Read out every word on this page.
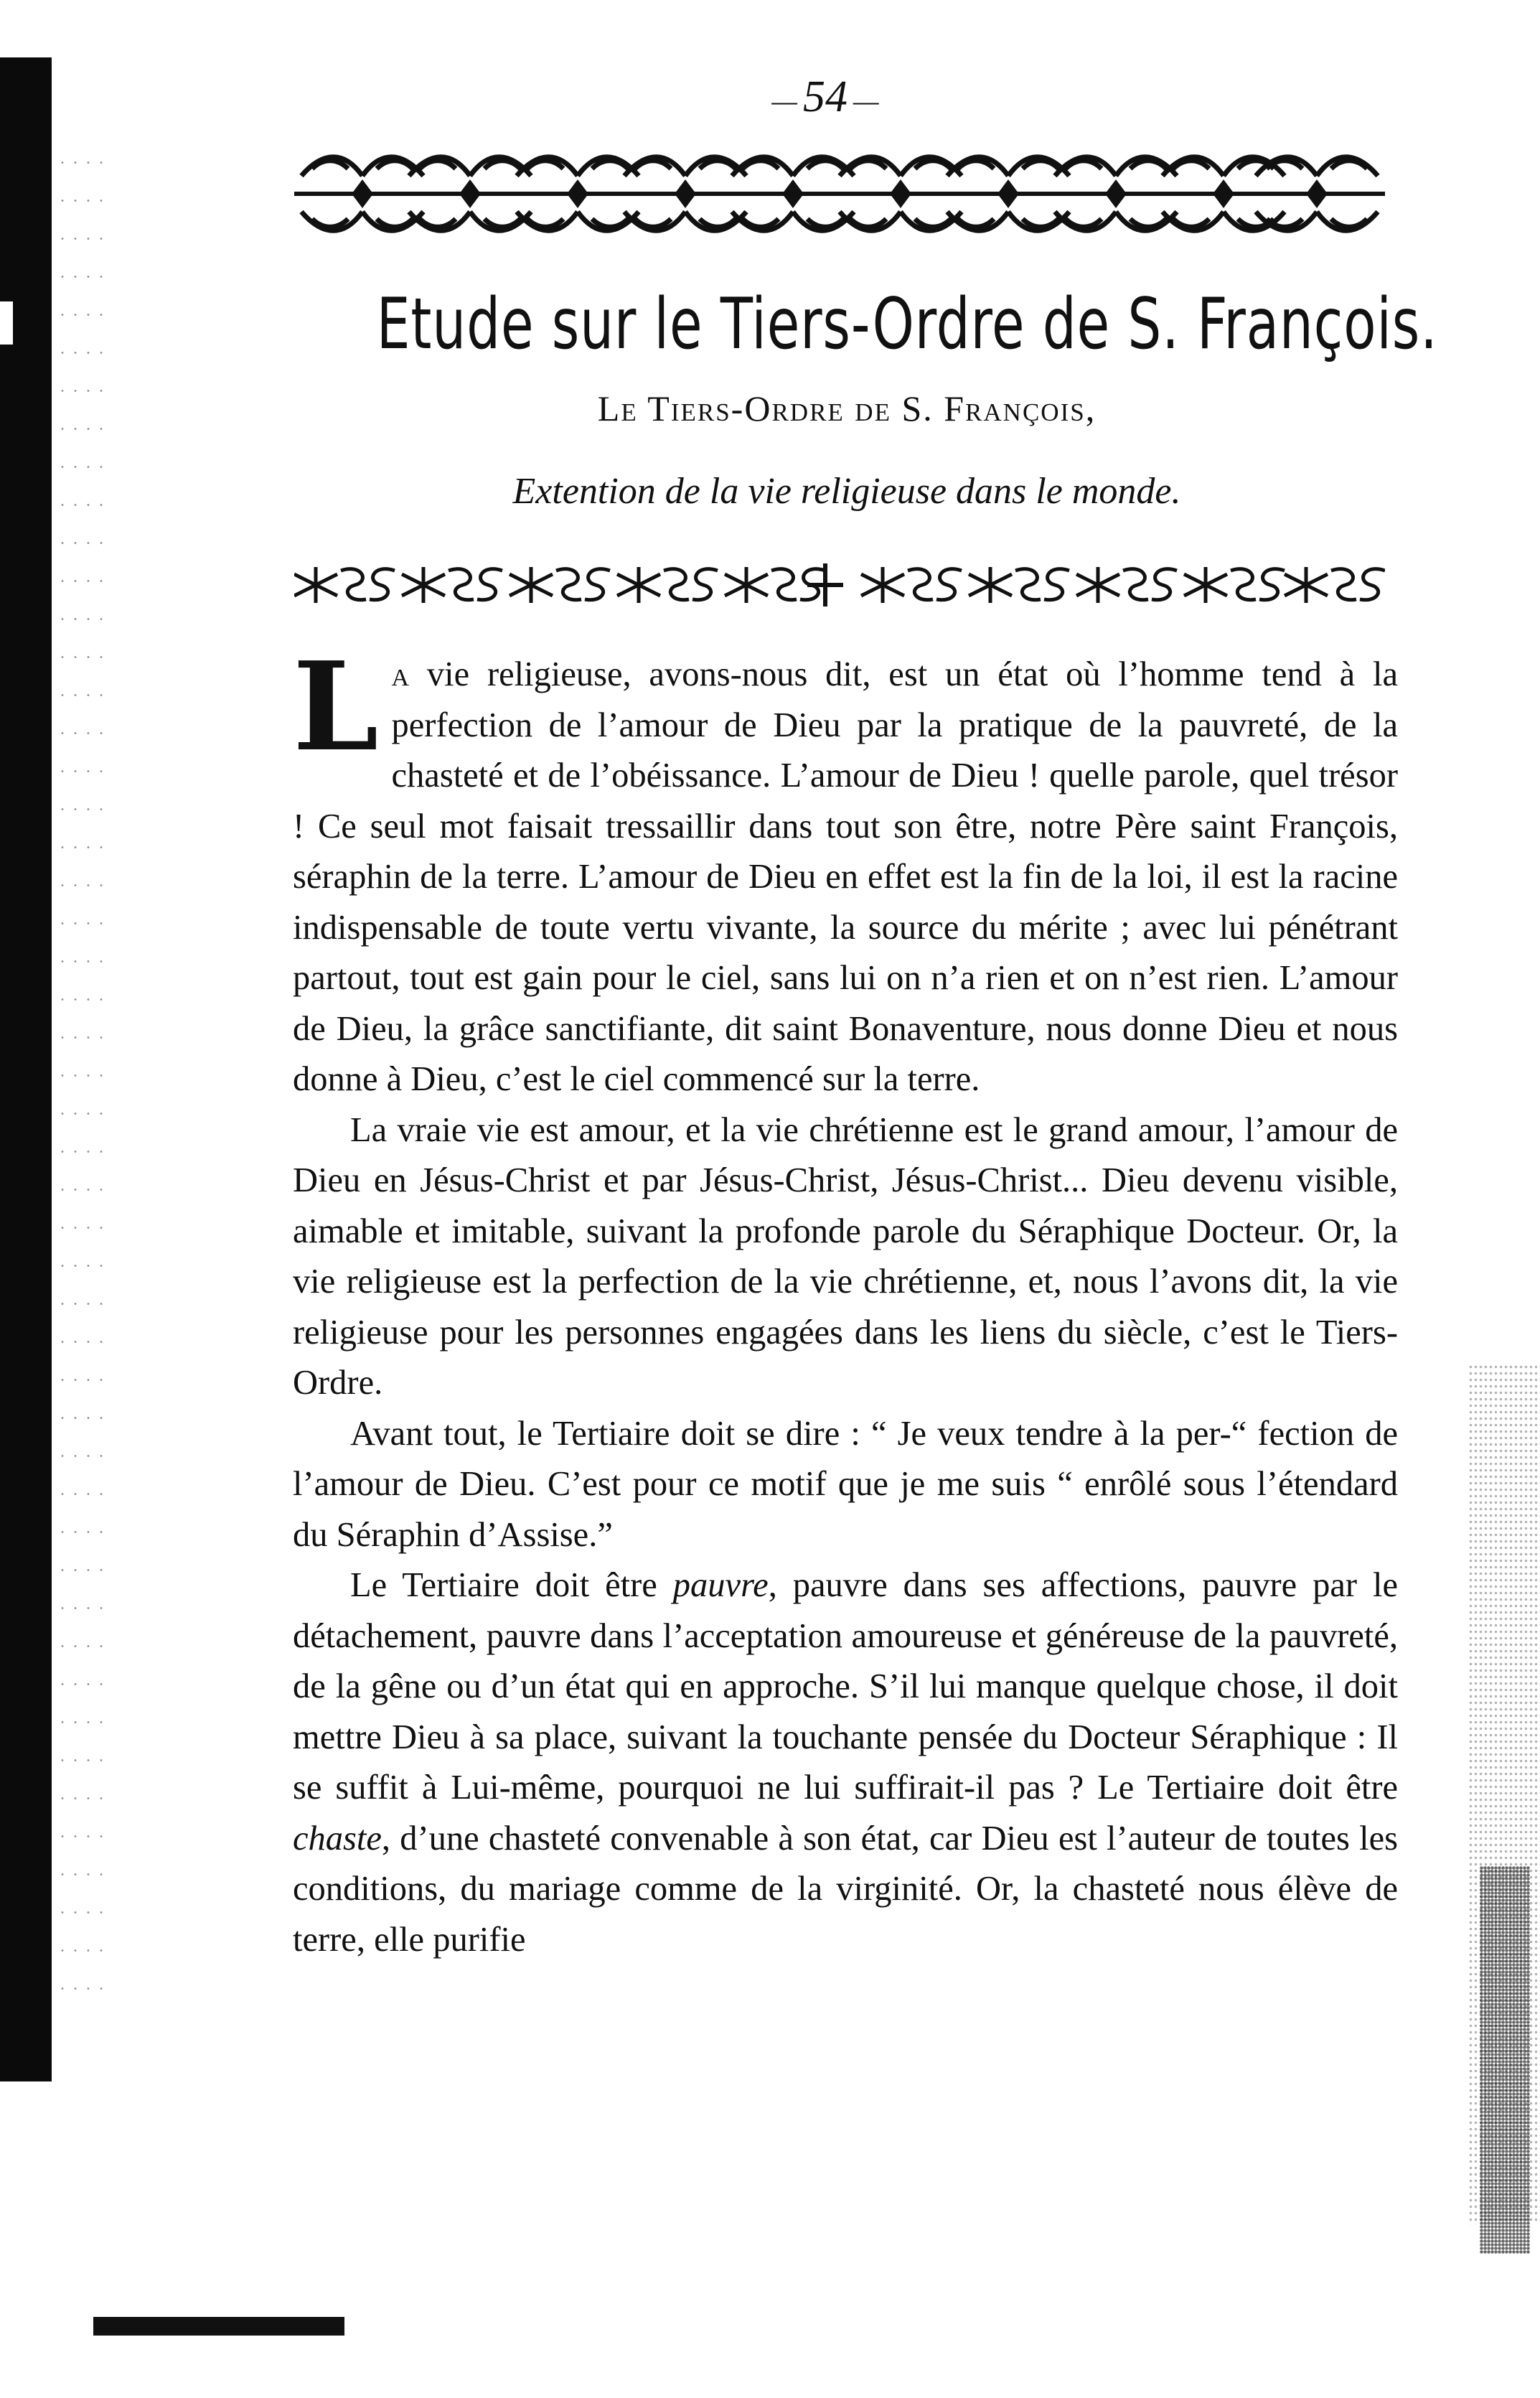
— 54 —
Etude sur le Tiers-Ordre de S. François.
Le Tiers-Ordre de S. François,
Extention de la vie religieuse dans le monde.

La vie religieuse, avons-nous dit, est un état où l’homme tend à la perfection de l’amour de Dieu par la pratique de la pauvreté, de la chasteté et de l’obéissance. L’amour de Dieu ! quelle parole, quel trésor ! Ce seul mot faisait tressaillir dans tout son être, notre Père saint François, séraphin de la terre. L’amour de Dieu en effet est la fin de la loi, il est la racine indispensable de toute vertu vivante, la source du mérite ; avec lui pénétrant partout, tout est gain pour le ciel, sans lui on n’a rien et on n’est rien. L’amour de Dieu, la grâce sanctifiante, dit saint Bonaventure, nous donne Dieu et nous donne à Dieu, c’est le ciel commencé sur la terre.

La vraie vie est amour, et la vie chrétienne est le grand amour, l’amour de Dieu en Jésus-Christ et par Jésus-Christ, Jésus-Christ... Dieu devenu visible, aimable et imitable, suivant la profonde parole du Séraphique Docteur. Or, la vie religieuse est la perfection de la vie chrétienne, et, nous l’avons dit, la vie religieuse pour les personnes engagées dans les liens du siècle, c’est le Tiers-Ordre.

Avant tout, le Tertiaire doit se dire : “ Je veux tendre à la per-“ fection de l’amour de Dieu. C’est pour ce motif que je me suis “ enrôlé sous l’étendard du Séraphin d’Assise.”

Le Tertiaire doit être pauvre, pauvre dans ses affections, pauvre par le détachement, pauvre dans l’acceptation amoureuse et généreuse de la pauvreté, de la gêne ou d’un état qui en approche. S’il lui manque quelque chose, il doit mettre Dieu à sa place, suivant la touchante pensée du Docteur Séraphique : Il se suffit à Lui-même, pourquoi ne lui suffirait-il pas ? Le Tertiaire doit être chaste, d’une chasteté convenable à son état, car Dieu est l’auteur de toutes les conditions, du mariage comme de la virginité. Or, la chasteté nous élève de terre, elle purifie
